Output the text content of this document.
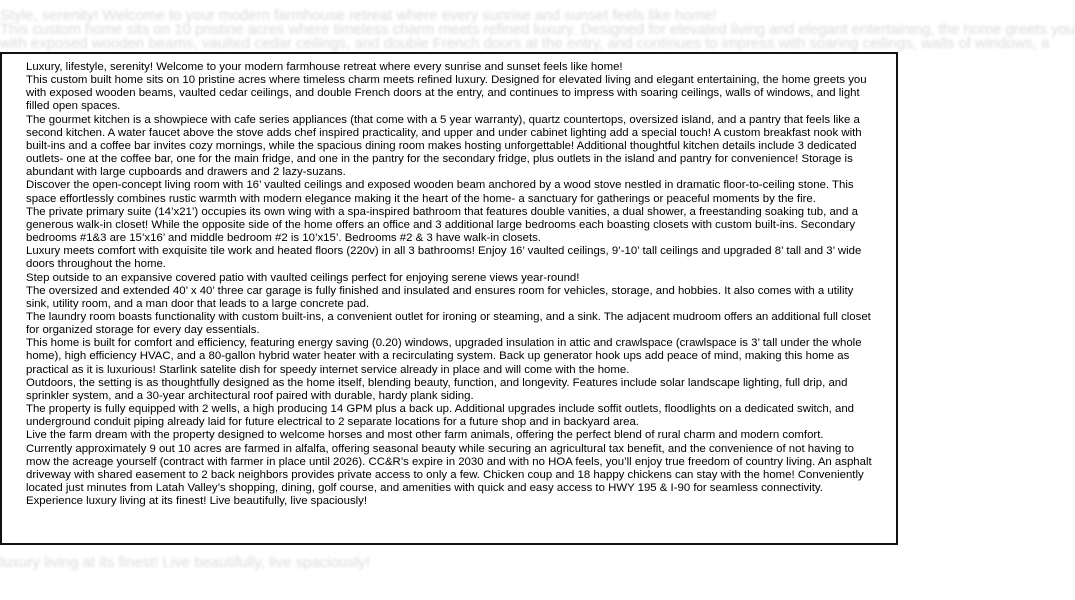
Style, serenity! Welcome to your modern farmhouse retreat where every sunrise and sunset feels like home!
This custom home sits on 10 pristine acres where timeless charm meets refined luxury. Designed for elevated living and elegant entertaining, the home greets you
with exposed wooden beams, vaulted cedar ceilings, and double French doors at the entry, and continues to impress with soaring ceilings, walls of windows, a

Luxury, lifestyle, serenity! Welcome to your modern farmhouse retreat where every sunrise and sunset feels like home!

This custom built home sits on 10 pristine acres where timeless charm meets refined luxury. Designed for elevated living and elegant entertaining, the home greets you with exposed wooden beams, vaulted cedar ceilings, and double French doors at the entry, and continues to impress with soaring ceilings, walls of windows, and light filled open spaces.

The gourmet kitchen is a showpiece with cafe series appliances (that come with a 5 year warranty), quartz countertops, oversized island, and a pantry that feels like a second kitchen. A water faucet above the stove adds chef inspired practicality, and upper and under cabinet lighting add a special touch! A custom breakfast nook with built-ins and a coffee bar invites cozy mornings, while the spacious dining room makes hosting unforgettable! Additional thoughtful kitchen details include 3 dedicated outlets- one at the coffee bar, one for the main fridge, and one in the pantry for the secondary fridge, plus outlets in the island and pantry for convenience! Storage is abundant with large cupboards and drawers and 2 lazy-suzans.

Discover the open-concept living room with 16’ vaulted ceilings and exposed wooden beam anchored by a wood stove nestled in dramatic floor-to-ceiling stone. This space effortlessly combines rustic warmth with modern elegance making it the heart of the home- a sanctuary for gatherings or peaceful moments by the fire.

The private primary suite (14’x21’) occupies its own wing with a spa-inspired bathroom that features double vanities, a dual shower, a freestanding soaking tub, and a generous walk-in closet! While the opposite side of the home offers an office and 3 additional large bedrooms each boasting closets with custom built-ins. Secondary bedrooms #1&3 are 15’x16’ and middle bedroom #2 is 10’x15’. Bedrooms #2 & 3 have walk-in closets.

Luxury meets comfort with exquisite tile work and heated floors (220v) in all 3 bathrooms! Enjoy 16’ vaulted ceilings, 9’-10’ tall ceilings and upgraded 8’ tall and 3’ wide doors throughout the home.

Step outside to an expansive covered patio with vaulted ceilings perfect for enjoying serene views year-round!

The oversized and extended 40’ x 40’ three car garage is fully finished and insulated and ensures room for vehicles, storage, and hobbies. It also comes with a utility sink, utility room, and a man door that leads to a large concrete pad.

The laundry room boasts functionality with custom built-ins, a convenient outlet for ironing or steaming, and a sink. The adjacent mudroom offers an additional full closet for organized storage for every day essentials.

This home is built for comfort and efficiency, featuring energy saving (0.20) windows, upgraded insulation in attic and crawlspace (crawlspace is 3’ tall under the whole home), high efficiency HVAC, and a 80-gallon hybrid water heater with a recirculating system. Back up generator hook ups add peace of mind, making this home as practical as it is luxurious! Starlink satelite dish for speedy internet service already in place and will come with the home.

Outdoors, the setting is as thoughtfully designed as the home itself, blending beauty, function, and longevity. Features include solar landscape lighting, full drip, and sprinkler system, and a 30-year architectural roof paired with durable, hardy plank siding.

The property is fully equipped with 2 wells, a high producing 14 GPM plus a back up. Additional upgrades include soffit outlets, floodlights on a dedicated switch, and underground conduit piping already laid for future electrical to 2 separate locations for a future shop and in backyard area.

Live the farm dream with the property designed to welcome horses and most other farm animals, offering the perfect blend of rural charm and modern comfort. Currently approximately 9 out 10 acres are farmed in alfalfa, offering seasonal beauty while securing an agricultural tax benefit, and the convenience of not having to mow the acreage yourself (contract with farmer in place until 2026). CC&R’s expire in 2030 and with no HOA feels, you’ll enjoy true freedom of country living. An asphalt driveway with shared easement to 2 back neighbors provides private access to only a few. Chicken coup and 18 happy chickens can stay with the home! Conveniently located just minutes from Latah Valley’s shopping, dining, golf course, and amenities with quick and easy access to HWY 195 & I-90 for seamless connectivity.

Experience luxury living at its finest! Live beautifully, live spaciously!

luxury living at its finest! Live beautifully, live spaciously!
